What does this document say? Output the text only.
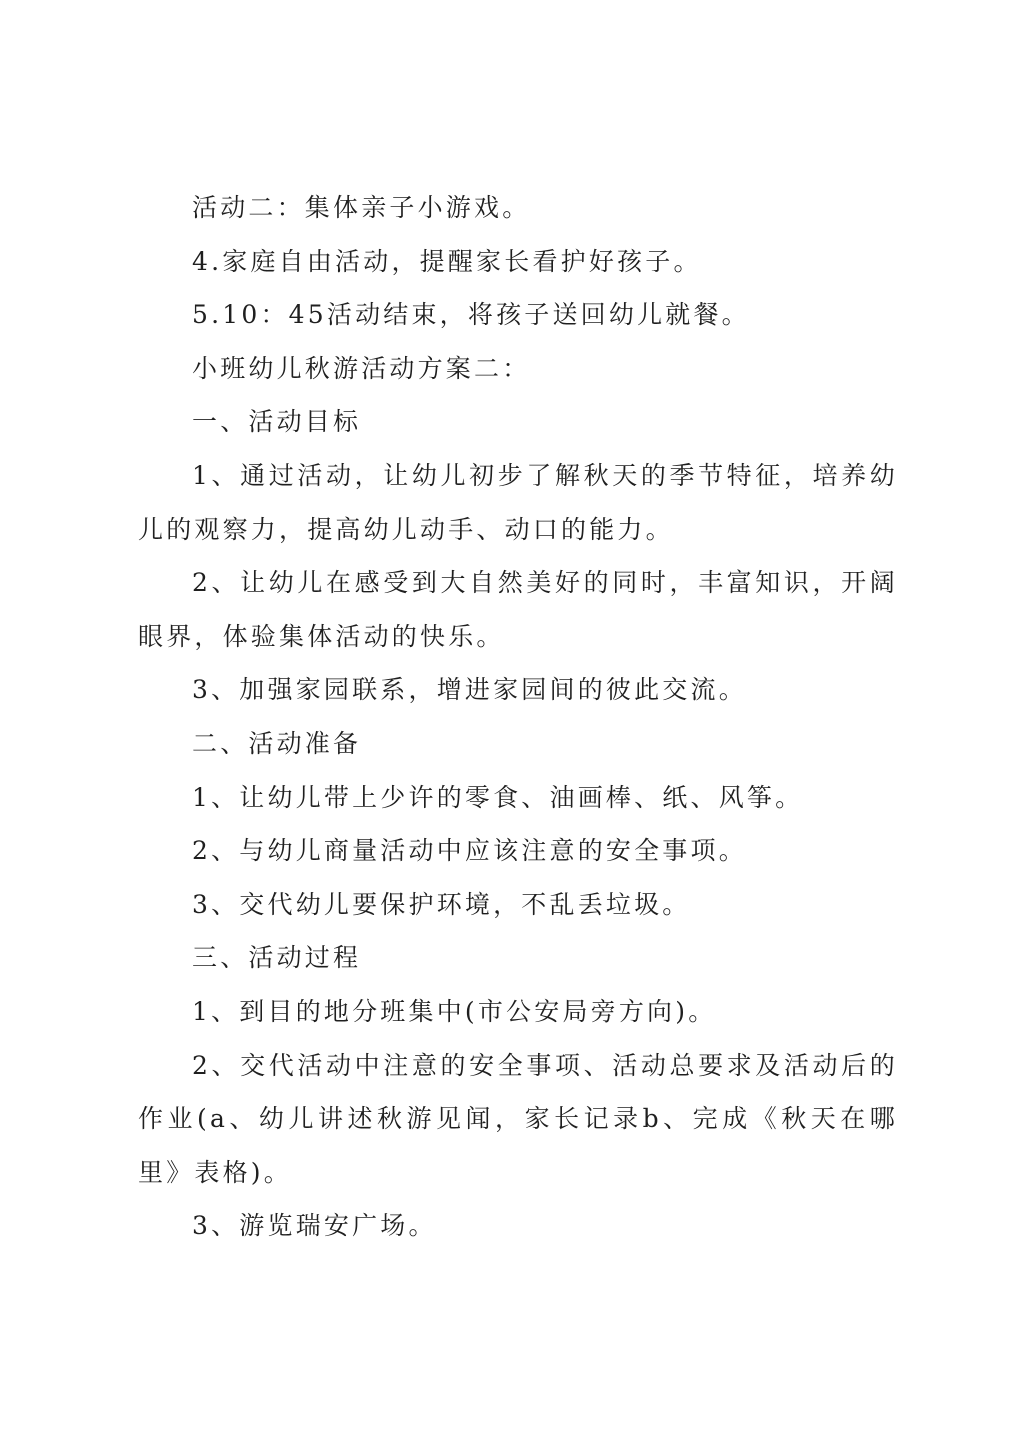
活动二：集体亲子小游戏。

4.家庭自由活动，提醒家长看护好孩子。

5.10：45活动结束，将孩子送回幼儿就餐。

小班幼儿秋游活动方案二：

一、活动目标

1、通过活动，让幼儿初步了解秋天的季节特征，培养幼儿的观察力，提高幼儿动手、动口的能力。

2、让幼儿在感受到大自然美好的同时，丰富知识，开阔眼界，体验集体活动的快乐。

3、加强家园联系，增进家园间的彼此交流。

二、活动准备

1、让幼儿带上少许的零食、油画棒、纸、风筝。

2、与幼儿商量活动中应该注意的安全事项。

3、交代幼儿要保护环境，不乱丢垃圾。

三、活动过程

1、到目的地分班集中(市公安局旁方向)。

2、交代活动中注意的安全事项、活动总要求及活动后的作业(a、幼儿讲述秋游见闻，家长记录b、完成《秋天在哪里》表格)。

3、游览瑞安广场。
